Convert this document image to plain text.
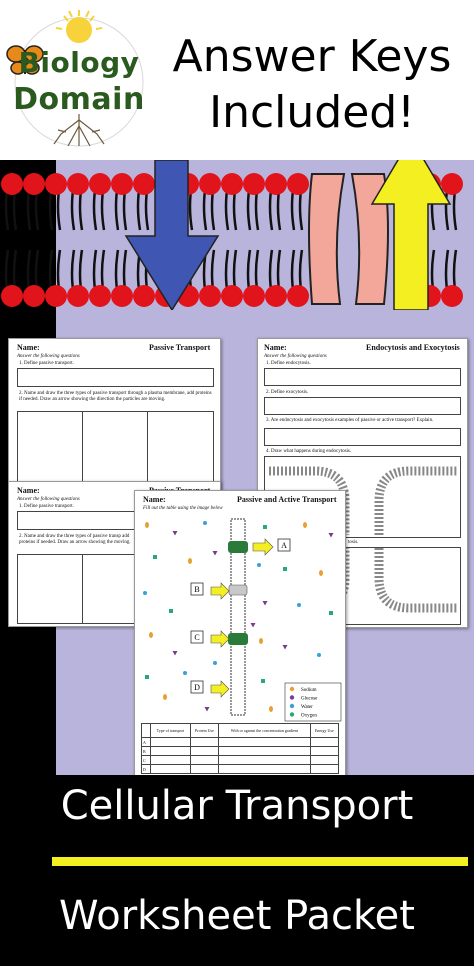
Biology
Domain
Answer Keys
Included!
Name:	Passive Transport
Answer the following questions
1. Define passive transport.
2. Name and draw the three types of passive transport through a plasma membrane, add proteins if needed. Draw an arrow showing the direction the particles are moving.
Name:	Endocytosis and Exocytosis
Answer the following questions
1. Define endocytosis.
2. Define exocytosis.
3. Are endocytosis and exocytosis examples of passive or active transport? Explain.
4. Draw what happens during endocytosis.
tosis.
Name:
Answer the following questions
1. Define passive transport.
2. Name and draw the three types of passive transp add proteins if needed. Draw an arrow showing the moving.
Name:	Passive and Active Transport
Fill out the table using the image below
A
B
C
D	Sodium
Glucose
Water
Oxygen
	Type of transport	Protein Use	With or against the concentration gradient	Energy Use
A				
B				
C				
D				
Cellular Transport
Worksheet Packet
